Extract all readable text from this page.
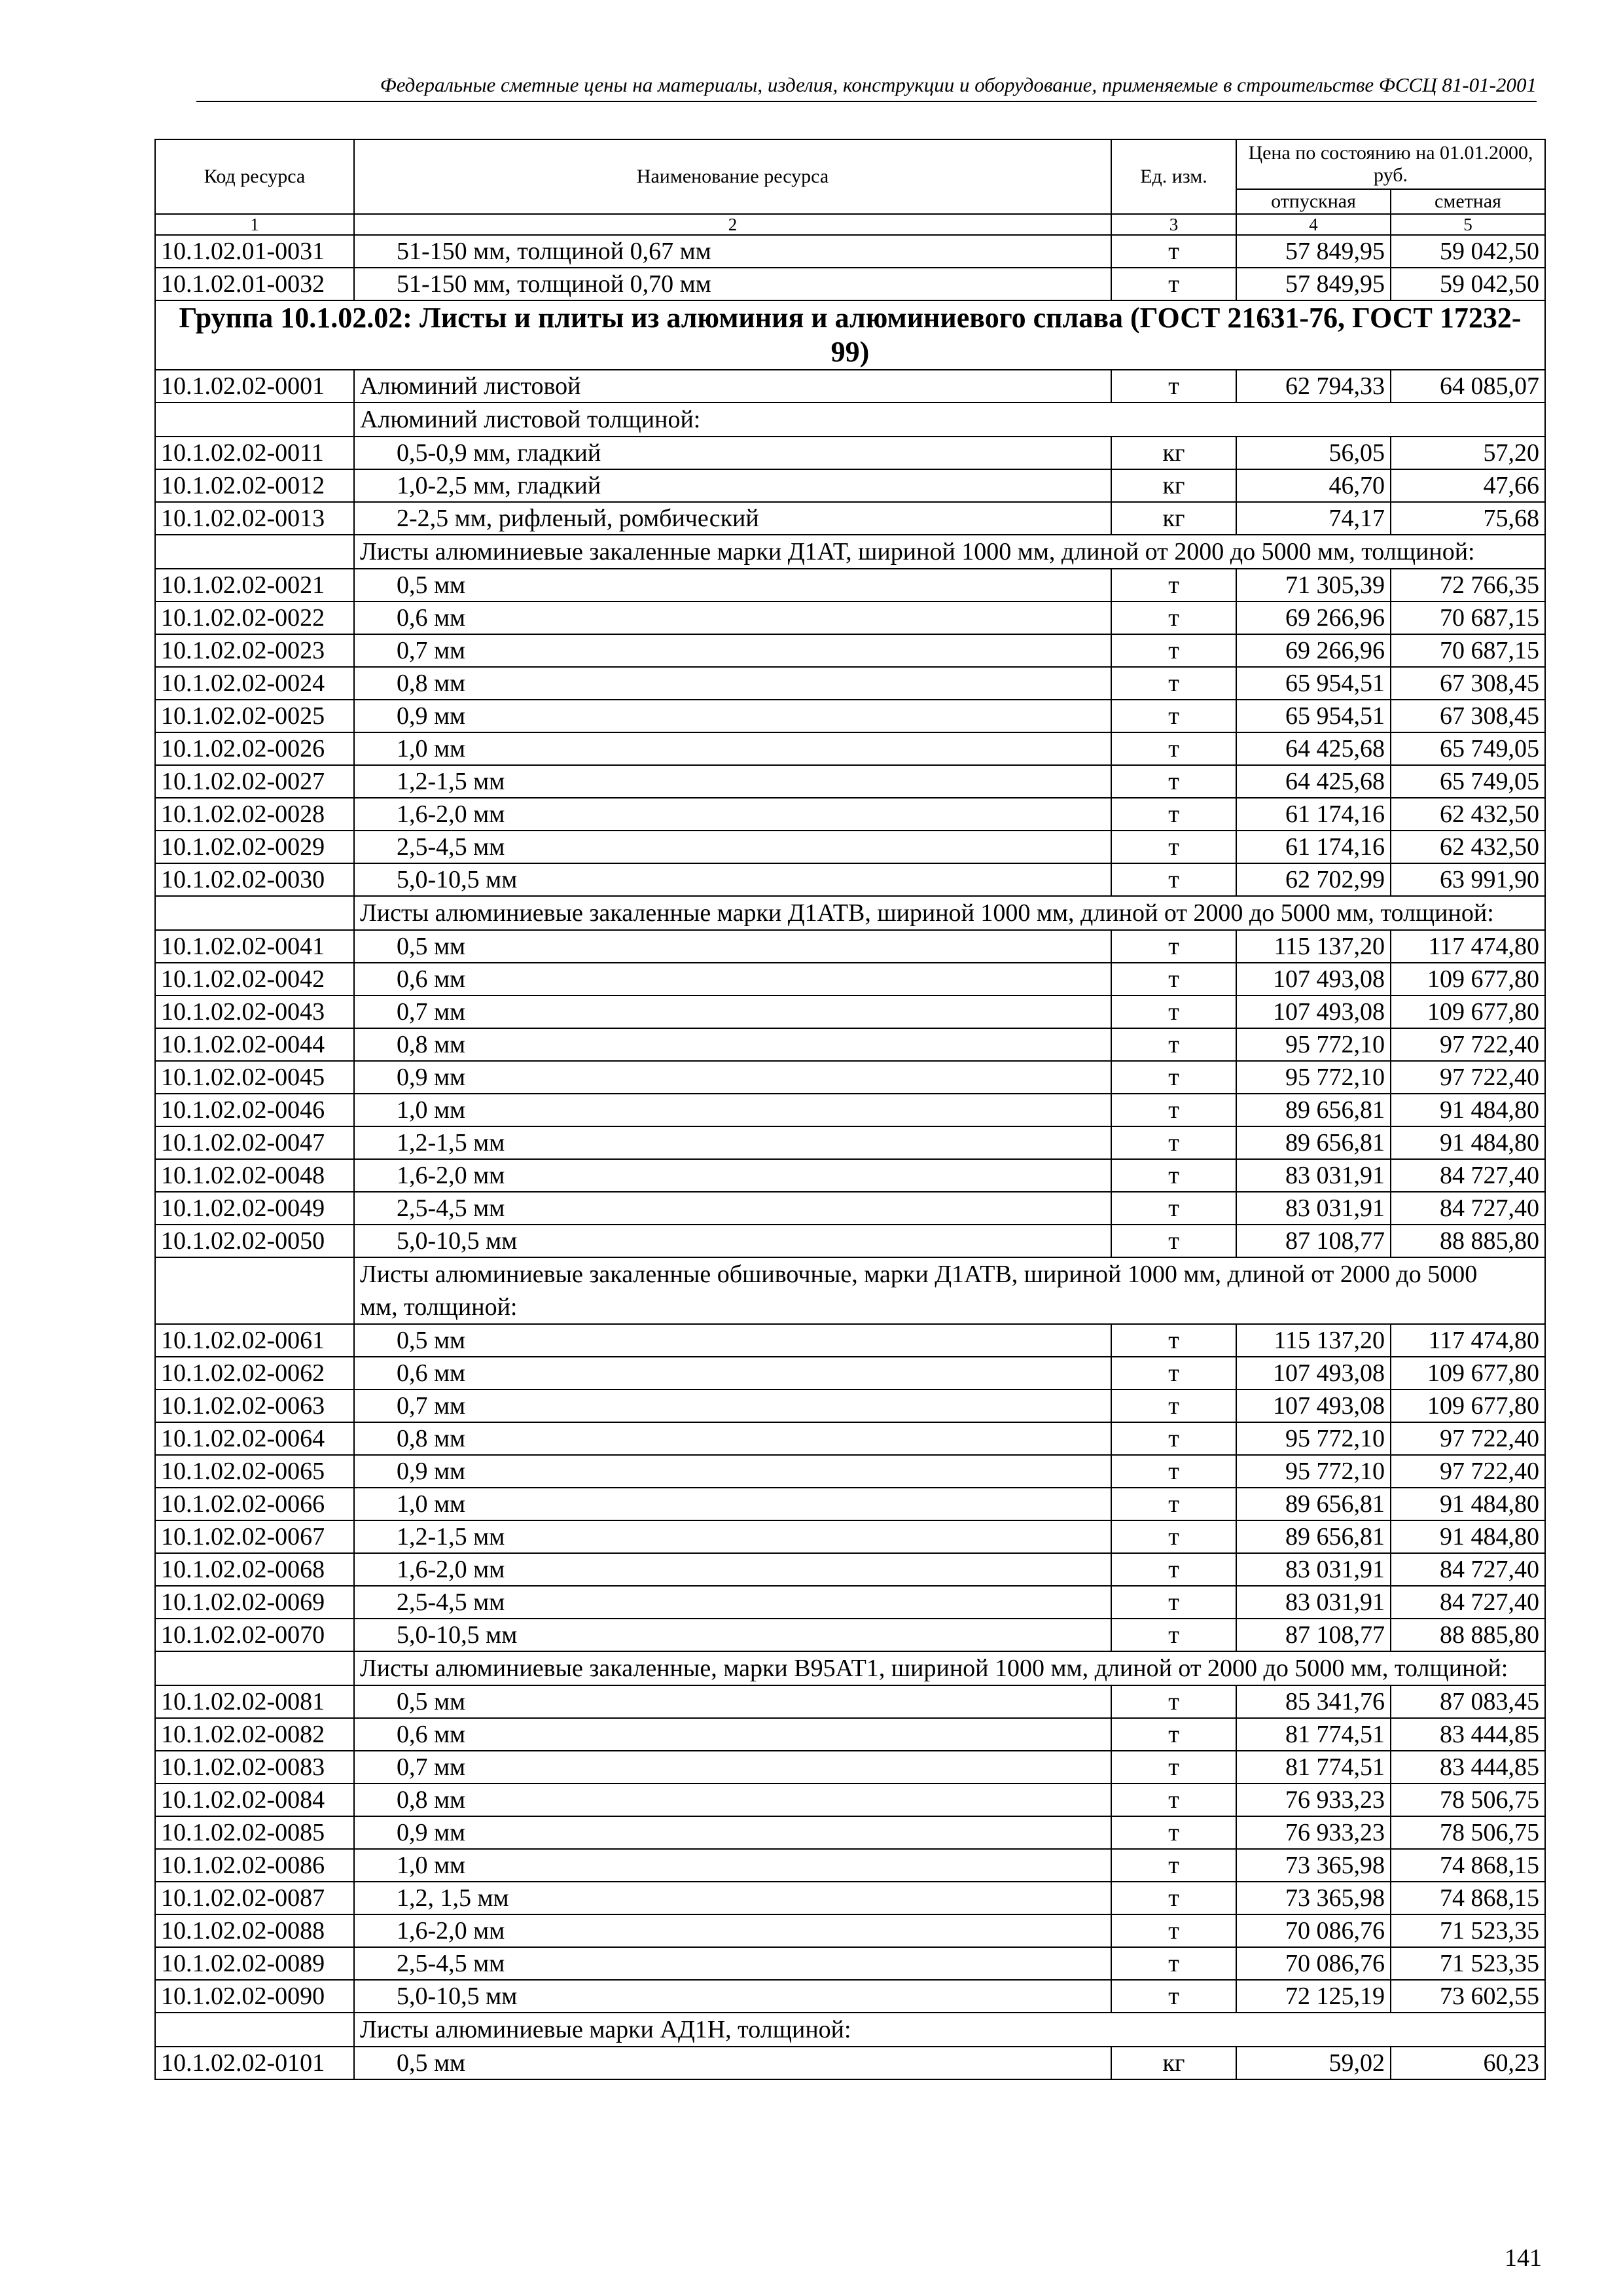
Федеральные сметные цены на материалы, изделия, конструкции и оборудование, применяемые в строительстве ФССЦ 81-01-2001
Код ресурса	Наименование ресурса	Ед. изм.	Цена по состоянию на 01.01.2000, руб.	
			отпускная	сметная
1	2	3	4	5
10.1.02.01-0031	51-150 мм, толщиной 0,67 мм	т	57 849,95	59 042,50
10.1.02.01-0032	51-150 мм, толщиной 0,70 мм	т	57 849,95	59 042,50
Группа 10.1.02.02: Листы и плиты из алюминия и алюминиевого сплава (ГОСТ 21631-76, ГОСТ 17232-99)				
10.1.02.02-0001	Алюминий листовой	т	62 794,33	64 085,07
	Алюминий листовой толщиной:			
10.1.02.02-0011	0,5-0,9 мм, гладкий	кг	56,05	57,20
10.1.02.02-0012	1,0-2,5 мм, гладкий	кг	46,70	47,66
10.1.02.02-0013	2-2,5 мм, рифленый, ромбический	кг	74,17	75,68
	Листы алюминиевые закаленные марки Д1АТ, шириной 1000 мм, длиной от 2000 до 5000 мм, толщиной:			
10.1.02.02-0021	0,5 мм	т	71 305,39	72 766,35
10.1.02.02-0022	0,6 мм	т	69 266,96	70 687,15
10.1.02.02-0023	0,7 мм	т	69 266,96	70 687,15
10.1.02.02-0024	0,8 мм	т	65 954,51	67 308,45
10.1.02.02-0025	0,9 мм	т	65 954,51	67 308,45
10.1.02.02-0026	1,0 мм	т	64 425,68	65 749,05
10.1.02.02-0027	1,2-1,5 мм	т	64 425,68	65 749,05
10.1.02.02-0028	1,6-2,0 мм	т	61 174,16	62 432,50
10.1.02.02-0029	2,5-4,5 мм	т	61 174,16	62 432,50
10.1.02.02-0030	5,0-10,5 мм	т	62 702,99	63 991,90
	Листы алюминиевые закаленные марки Д1АТВ, шириной 1000 мм, длиной от 2000 до 5000 мм, толщиной:			
10.1.02.02-0041	0,5 мм	т	115 137,20	117 474,80
10.1.02.02-0042	0,6 мм	т	107 493,08	109 677,80
10.1.02.02-0043	0,7 мм	т	107 493,08	109 677,80
10.1.02.02-0044	0,8 мм	т	95 772,10	97 722,40
10.1.02.02-0045	0,9 мм	т	95 772,10	97 722,40
10.1.02.02-0046	1,0 мм	т	89 656,81	91 484,80
10.1.02.02-0047	1,2-1,5 мм	т	89 656,81	91 484,80
10.1.02.02-0048	1,6-2,0 мм	т	83 031,91	84 727,40
10.1.02.02-0049	2,5-4,5 мм	т	83 031,91	84 727,40
10.1.02.02-0050	5,0-10,5 мм	т	87 108,77	88 885,80
	Листы алюминиевые закаленные обшивочные, марки Д1АТВ, шириной 1000 мм, длиной от 2000 до 5000 мм, толщиной:			
10.1.02.02-0061	0,5 мм	т	115 137,20	117 474,80
10.1.02.02-0062	0,6 мм	т	107 493,08	109 677,80
10.1.02.02-0063	0,7 мм	т	107 493,08	109 677,80
10.1.02.02-0064	0,8 мм	т	95 772,10	97 722,40
10.1.02.02-0065	0,9 мм	т	95 772,10	97 722,40
10.1.02.02-0066	1,0 мм	т	89 656,81	91 484,80
10.1.02.02-0067	1,2-1,5 мм	т	89 656,81	91 484,80
10.1.02.02-0068	1,6-2,0 мм	т	83 031,91	84 727,40
10.1.02.02-0069	2,5-4,5 мм	т	83 031,91	84 727,40
10.1.02.02-0070	5,0-10,5 мм	т	87 108,77	88 885,80
	Листы алюминиевые закаленные, марки В95АТ1, шириной 1000 мм, длиной от 2000 до 5000 мм, толщиной:			
10.1.02.02-0081	0,5 мм	т	85 341,76	87 083,45
10.1.02.02-0082	0,6 мм	т	81 774,51	83 444,85
10.1.02.02-0083	0,7 мм	т	81 774,51	83 444,85
10.1.02.02-0084	0,8 мм	т	76 933,23	78 506,75
10.1.02.02-0085	0,9 мм	т	76 933,23	78 506,75
10.1.02.02-0086	1,0 мм	т	73 365,98	74 868,15
10.1.02.02-0087	1,2, 1,5 мм	т	73 365,98	74 868,15
10.1.02.02-0088	1,6-2,0 мм	т	70 086,76	71 523,35
10.1.02.02-0089	2,5-4,5 мм	т	70 086,76	71 523,35
10.1.02.02-0090	5,0-10,5 мм	т	72 125,19	73 602,55
	Листы алюминиевые марки АД1Н, толщиной:			
10.1.02.02-0101	0,5 мм	кг	59,02	60,23
141
